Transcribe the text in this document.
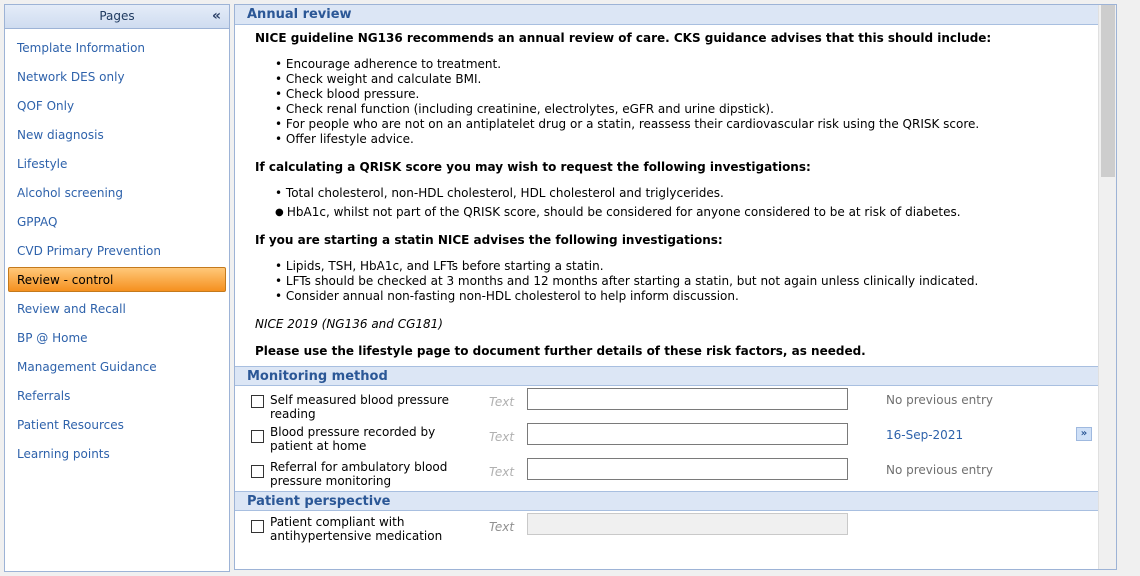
Pages	«
Template Information
Network DES only
QOF Only
New diagnosis
Lifestyle
Alcohol screening
GPPAQ
CVD Primary Prevention
Review - control
Review and Recall
BP @ Home
Management Guidance
Referrals
Patient Resources
Learning points
Annual review
NICE guideline NG136 recommends an annual review of care. CKS guidance advises that this should include:
• Encourage adherence to treatment.
• Check weight and calculate BMI.
• Check blood pressure.
• Check renal function (including creatinine, electrolytes, eGFR and urine dipstick).
• For people who are not on an antiplatelet drug or a statin, reassess their cardiovascular risk using the QRISK score.
• Offer lifestyle advice.
If calculating a QRISK score you may wish to request the following investigations:
• Total cholesterol, non-HDL cholesterol, HDL cholesterol and triglycerides.
● HbA1c, whilst not part of the QRISK score, should be considered for anyone considered to be at risk of diabetes.
If you are starting a statin NICE advises the following investigations:
• Lipids, TSH, HbA1c, and LFTs before starting a statin.
• LFTs should be checked at 3 months and 12 months after starting a statin, but not again unless clinically indicated.
• Consider annual non-fasting non-HDL cholesterol to help inform discussion.
NICE 2019 (NG136 and CG181)
Please use the lifestyle page to document further details of these risk factors, as needed.
Monitoring method
Self measured blood pressure reading
Text	No previous entry
Blood pressure recorded by patient at home
Text	16-Sep-2021	»
Referral for ambulatory blood pressure monitoring
Text	No previous entry
Patient perspective
Patient compliant with antihypertensive medication
Text
